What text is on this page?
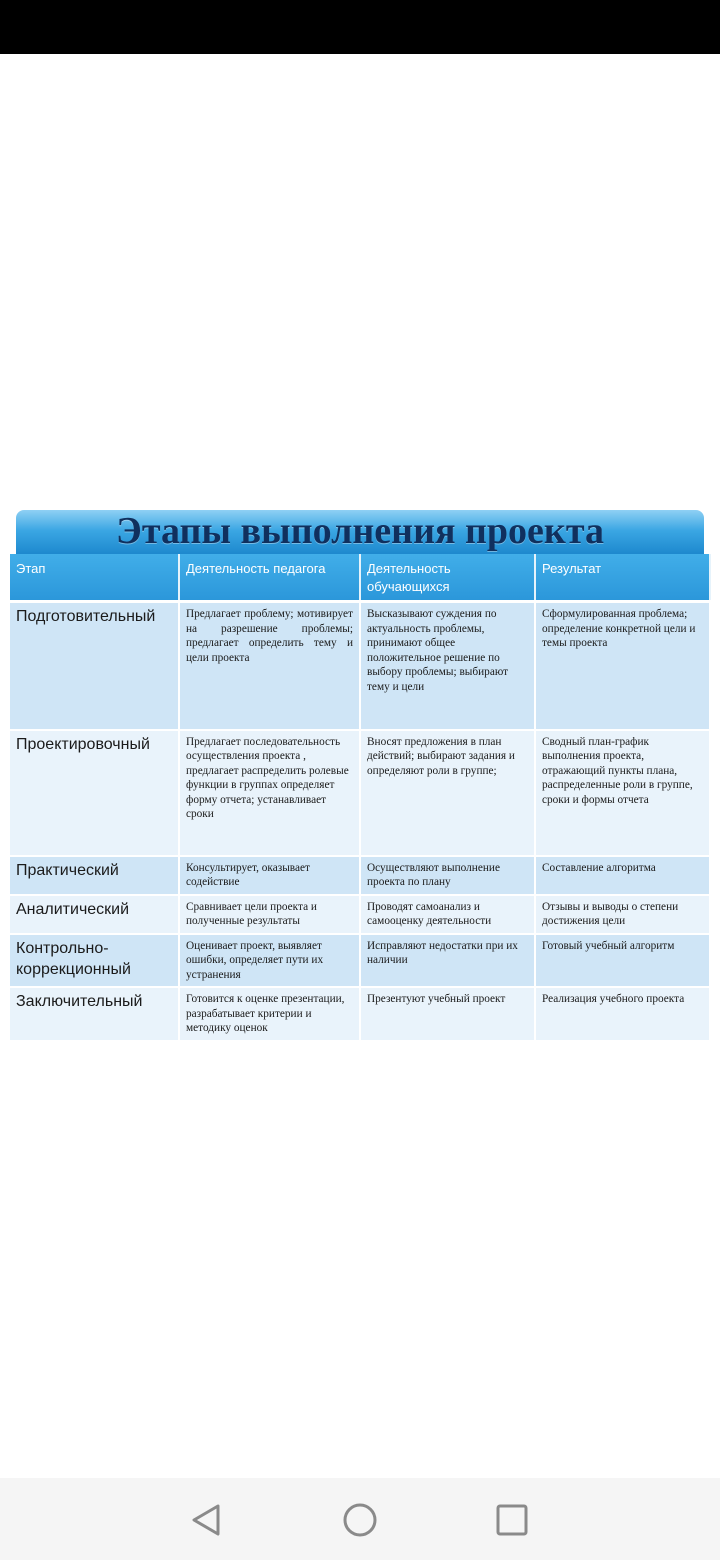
Этапы выполнения проекта
Этап	Деятельность педагога	Деятельность обучающихся	Результат
Подготовительный	Предлагает проблему; мотивирует на разрешение проблемы; предлагает определить тему и цели проекта	Высказывают суждения по актуальность проблемы, принимают общее положительное решение по выбору проблемы; выбирают тему и цели	Сформулированная проблема; определение конкретной цели и темы проекта
Проектировочный	Предлагает последовательность осуществления проекта , предлагает распределить ролевые функции в группах определяет форму отчета; устанавливает сроки	Вносят предложения в план действий; выбирают задания и определяют роли в группе;	Сводный план-график выполнения проекта, отражающий пункты плана, распределенные роли в группе, сроки и формы отчета
Практический	Консультирует, оказывает содействие	Осуществляют выполнение проекта по плану	Составление алгоритма
Аналитический	Сравнивает цели проекта и полученные результаты	Проводят самоанализ и самооценку деятельности	Отзывы и выводы о степени достижения цели
Контрольно-коррекционный	Оценивает проект, выявляет ошибки, определяет пути их устранения	Исправляют недостатки при их наличии	Готовый учебный алгоритм
Заключительный	Готовится к оценке презентации, разрабатывает критерии и методику оценок	Презентуют учебный проект	Реализация учебного проекта
